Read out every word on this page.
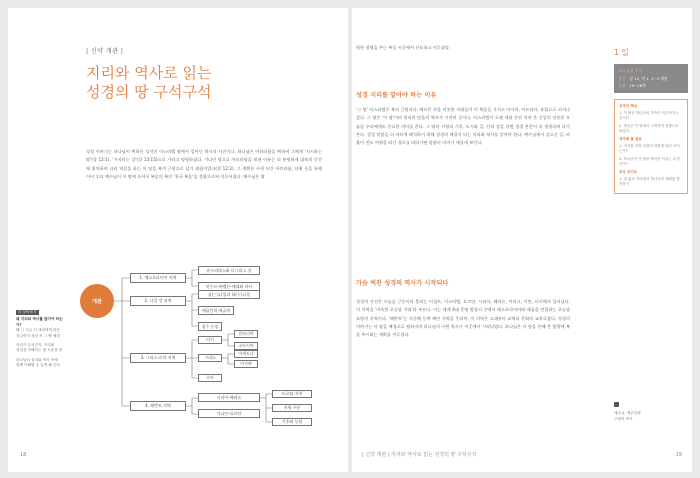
| 신약 개관 |
지리와 역사로 읽는
성경의 땅 구석구석

성경 이야기는 하나님이 택하신 성지인 이스라엘 땅에서 일어난 역사적 사건이다. 하나님은 아브라함을 택하여 그에게 '지시하는 땅'(창 12:1), '가지라는 상'(창 13:15)으로 가라고 명령하셨다. 가나안 땅으로 아브라함을 보낸 이유는 더 분명하게 대륙의 중간에 위치하여 다리 역할을 하는 이 땅을 복의 근원으로 삼기 위함이었다(창 12:2). 그 계획은 수천 년간 아브라함, 다윗 등을 통해 이어 오다 예수님이 이 땅에 오셔서 복음의 복인 '천국 복음'을 전함으로써 이루어졌다. 예수님은 땅

더 알아보기
왜 지리와 역사를 알아야 하는가?
왜 그 지금 이 세대에게 많은
지금까지 세상 속 그 땅 배경
지리가 무엇인지, 지리와
성경을 이해하는 데 도움을 줌
하나님의 섭리와 역사 속에
함께 이해할 수 있게 해 준다.
개관
1. 메소포타미아 지역
2. 나일 강 유역
3. 그리스-로마 지역
4. 레반트 지역
유프라테스와 티그리스 강
앗수르-바벨론-메대와 바사
삼(三)나일과 하(下)나일
애굽인과 애굽역
침수 농업
터키
그리스
로마
갈라디아
소아시아
마게도냐
아가야
시리아-베바논
가나안-요르단
도로와 지역
지역 구분
기후와 농업
18

원한 생명을 주는 복음 이곳에서 선포하고 이루셨다.

성경 지리를 알아야 하는 이유

'그 땅' 이스라엘은 복의 근원지다. 헤르몬 산을 비롯한 지대들이 이 복음을 가지고 아시아, 아프리카, 유럽으로 퍼져나갔다. 그 땅은 '이 땅'이라 불리며 믿음의 역사가 시작된 곳이다. 이스라엘이 오랜 세월 동안 지켜 온 신앙의 전통은 오늘날 우리에게도 중요한 의미를 준다. 그 땅의 지형과 기후, 도시와 길, 산과 강을 알면 성경 본문이 더 생생하게 다가온다. 성경 말씀을 더 바르게 해석하기 위해 성경의 배경이 되는 지리와 역사를 알아야 한다. 예수님께서 걸으신 길, 바울이 전도 여행을 떠난 경로를 따라가면 말씀의 의미가 새롭게 보인다.

가슴 벅찬 성경의 역사가 시작되다

성경의 사건은 오늘날 근동이라 불리는 이집트, 이스라엘, 요르단, 시리아, 레바논, 이라크, 이란, 터키에서 일어났다. 이 지역을 '비옥한 초승달 지대'라 부른다. 이는 세계 4대 문명 발상지 중에서 메소포타미아와 애굽을 연결하는 초승달 모양의 지역이다. '레반트'는 지중해 동쪽 해안 지역을 뜻하며, 이 지역은 고대부터 교역과 문화의 교차로였다. 성경의 이야기는 이 땅을 배경으로 펼쳐지며 하나님의 구원 역사가 이곳에서 시작되었다. 하나님은 이 땅을 통해 온 열방에 복을 주시려는 계획을 이루셨다.

1 일
오늘 읽을 본문
성경 창 12, 마 1, 1~2 개관
분량 19~28쪽
성경의 핵심

1. 이 땅은 하나님의 약속이 이루어지는 곳이다.

2. 복음은 이 땅에서 시작하여 열방으로 퍼졌다.

생각해 볼 질문

1. 지리를 알면 성경이 어떻게 달라 보이는가?

2. 하나님이 이 땅을 택하신 이유는 무엇인가?

묵상 포인트

1. 내 삶의 자리에서 하나님의 계획을 발견하기

예수님, 예루살렘
구원의 역사
| 신약 개관 | 지리와 역사로 읽는 성경의 땅 구석구석	19
